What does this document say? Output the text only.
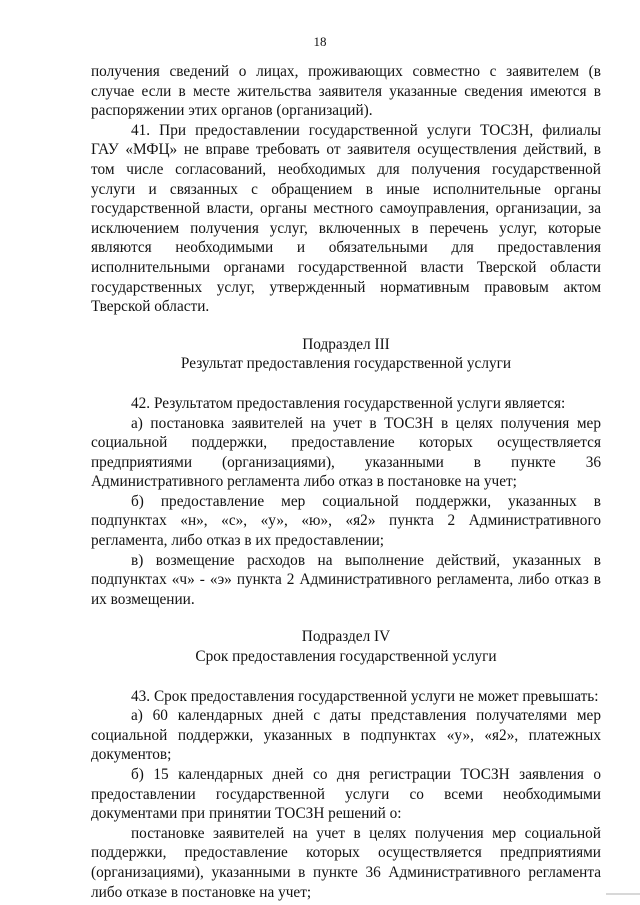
18

получения сведений о лицах, проживающих совместно с заявителем (в случае если в месте жительства заявителя указанные сведения имеются в распоряжении этих органов (организаций).

41. При предоставлении государственной услуги ТОСЗН, филиалы ГАУ «МФЦ» не вправе требовать от заявителя осуществления действий, в том числе согласований, необходимых для получения государственной услуги и связанных с обращением в иные исполнительные органы государственной власти, органы местного самоуправления, организации, за исключением получения услуг, включенных в перечень услуг, которые являются необходимыми и обязательными для предоставления исполнительными органами государственной власти Тверской области государственных услуг, утвержденный нормативным правовым актом Тверской области.

Подраздел III

Результат предоставления государственной услуги

42. Результатом предоставления государственной услуги является:

а) постановка заявителей на учет в ТОСЗН в целях получения мер социальной поддержки, предоставление которых осуществляется предприятиями (организациями), указанными в пункте 36 Административного регламента либо отказ в постановке на учет;

б) предоставление мер социальной поддержки, указанных в подпунктах «н», «с», «у», «ю», «я2» пункта 2 Административного регламента, либо отказ в их предоставлении;

в) возмещение расходов на выполнение действий, указанных в подпунктах «ч» - «э» пункта 2 Административного регламента, либо отказ в их возмещении.

Подраздел IV

Срок предоставления государственной услуги

43. Срок предоставления государственной услуги не может превышать:

а) 60 календарных дней с даты представления получателями мер социальной поддержки, указанных в подпунктах «у», «я2», платежных документов;

б) 15 календарных дней со дня регистрации ТОСЗН заявления о предоставлении государственной услуги со всеми необходимыми документами при принятии ТОСЗН решений о:

постановке заявителей на учет в целях получения мер социальной поддержки, предоставление которых осуществляется предприятиями (организациями), указанными в пункте 36 Административного регламента либо отказе в постановке на учет;
